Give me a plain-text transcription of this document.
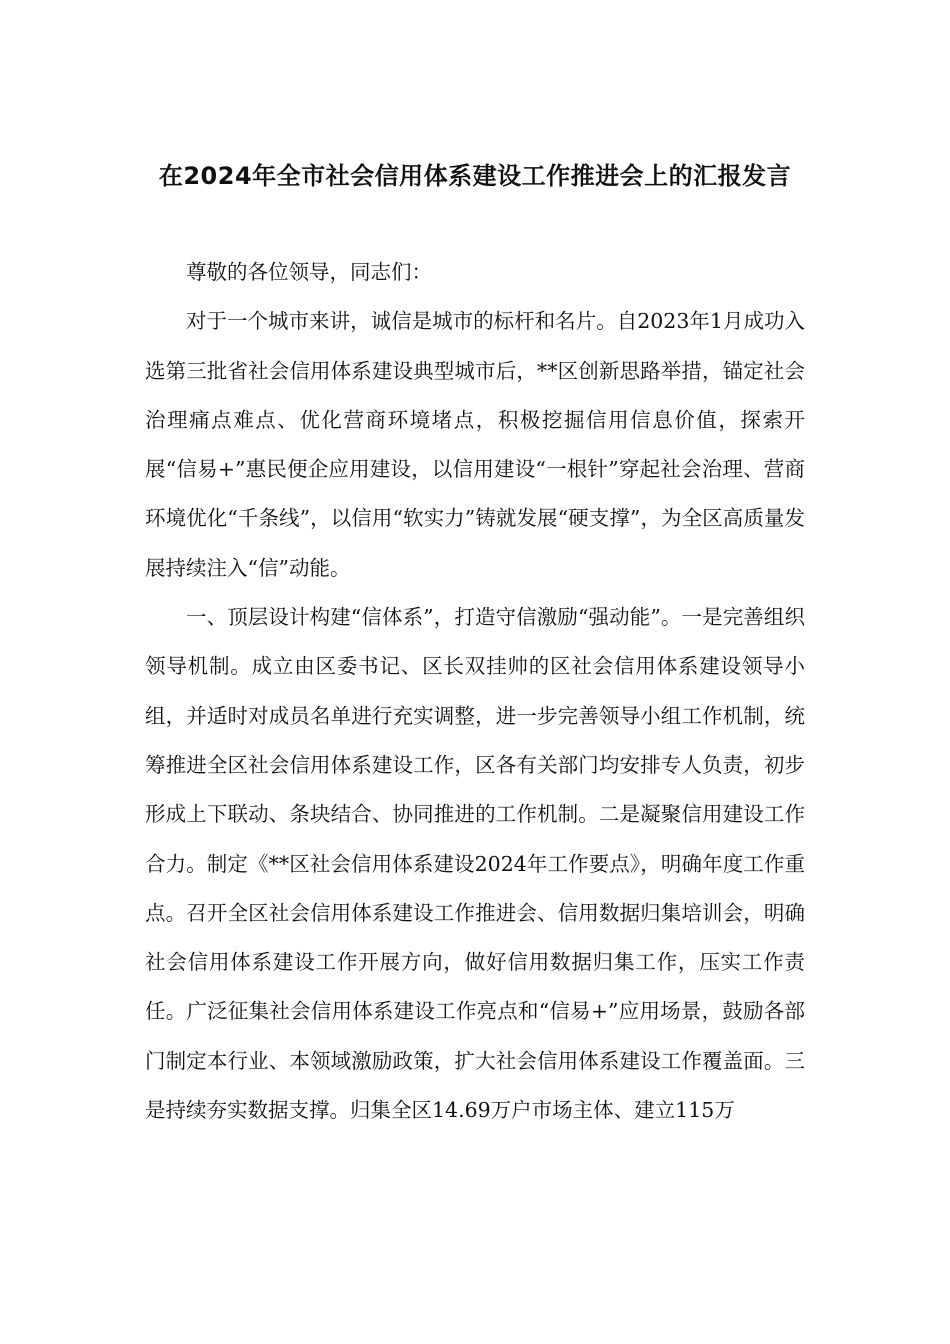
在2024年全市社会信用体系建设工作推进会上的汇报发言

尊敬的各位领导，同志们：

对于一个城市来讲，诚信是城市的标杆和名片。自2023年1月成功入选第三批省社会信用体系建设典型城市后，**区创新思路举措，锚定社会治理痛点难点、优化营商环境堵点，积极挖掘信用信息价值，探索开展“信易+”惠民便企应用建设，以信用建设“一根针”穿起社会治理、营商环境优化“千条线”，以信用“软实力”铸就发展“硬支撑”，为全区高质量发展持续注入“信”动能。

一、顶层设计构建“信体系”，打造守信激励“强动能”。一是完善组织领导机制。成立由区委书记、区长双挂帅的区社会信用体系建设领导小组，并适时对成员名单进行充实调整，进一步完善领导小组工作机制，统筹推进全区社会信用体系建设工作，区各有关部门均安排专人负责，初步形成上下联动、条块结合、协同推进的工作机制。二是凝聚信用建设工作合力。制定《**区社会信用体系建设2024年工作要点》，明确年度工作重点。召开全区社会信用体系建设工作推进会、信用数据归集培训会，明确社会信用体系建设工作开展方向，做好信用数据归集工作，压实工作责任。广泛征集社会信用体系建设工作亮点和“信易+”应用场景，鼓励各部门制定本行业、本领域激励政策，扩大社会信用体系建设工作覆盖面。三是持续夯实数据支撑。归集全区14.69万户市场主体、建立115万
